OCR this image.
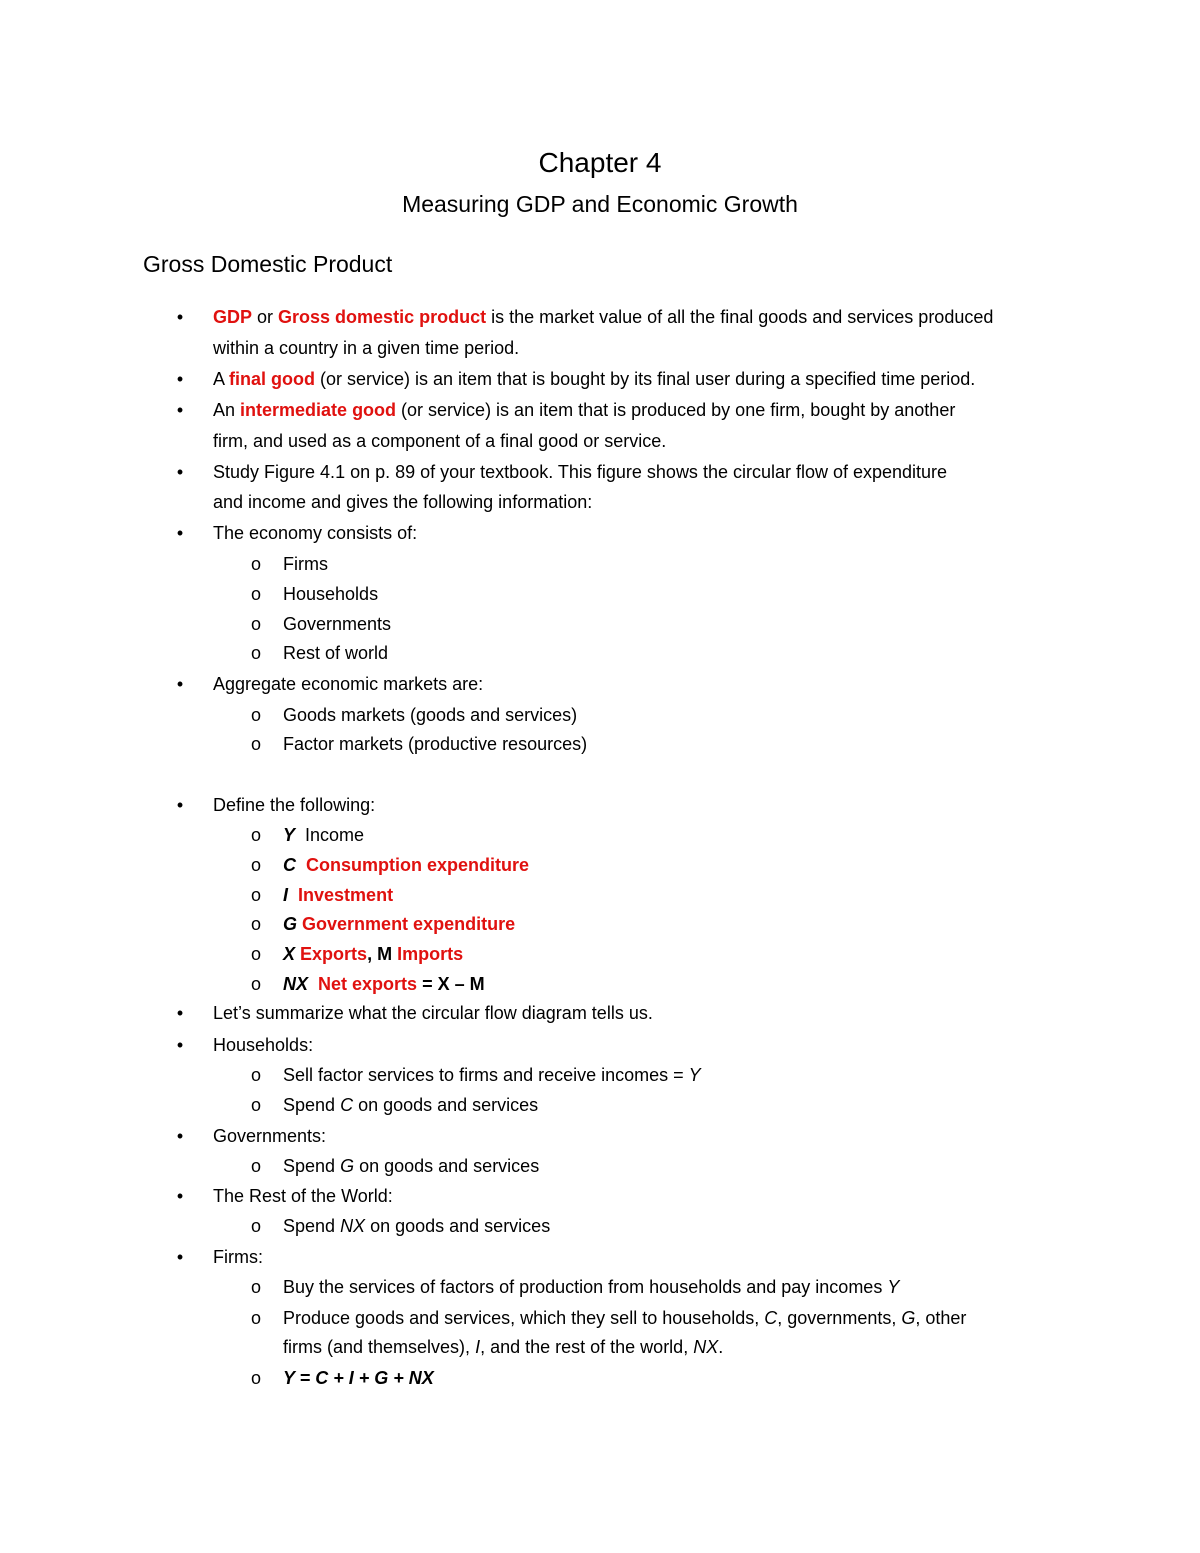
Chapter 4
Measuring GDP and Economic Growth
Gross Domestic Product
• GDP or Gross domestic product is the market value of all the final goods and services produced
within a country in a given time period.
• A final good (or service) is an item that is bought by its final user during a specified time period.
• An intermediate good (or service) is an item that is produced by one firm, bought by another
firm, and used as a component of a final good or service.
• Study Figure 4.1 on p. 89 of your textbook. This figure shows the circular flow of expenditure
and income and gives the following information:
• The economy consists of:
o Firms
o Households
o Governments
o Rest of world
• Aggregate economic markets are:
o Goods markets (goods and services)
o Factor markets (productive resources)
• Define the following:
o Y Income
o C Consumption expenditure
o I Investment
o G Government expenditure
o X Exports, M Imports
o NX Net exports = X – M
• Let’s summarize what the circular flow diagram tells us.
• Households:
o Sell factor services to firms and receive incomes = Y
o Spend C on goods and services
• Governments:
o Spend G on goods and services
• The Rest of the World:
o Spend NX on goods and services
• Firms:
o Buy the services of factors of production from households and pay incomes Y
o Produce goods and services, which they sell to households, C, governments, G, other
firms (and themselves), I, and the rest of the world, NX.
o Y = C + I + G + NX
